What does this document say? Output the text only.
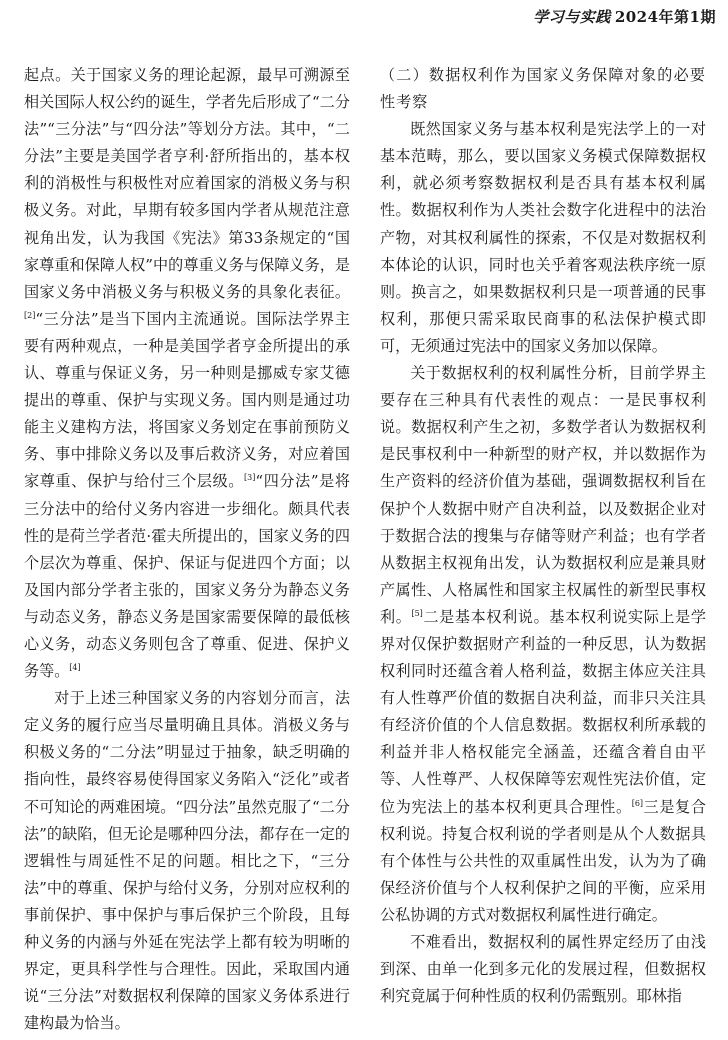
学习与实践 2024年第1期

起点。关于国家义务的理论起源，最早可溯源至相关国际人权公约的诞生，学者先后形成了“二分法”“三分法”与“四分法”等划分方法。其中，“二分法”主要是美国学者亨利·舒所指出的，基本权利的消极性与积极性对应着国家的消极义务与积极义务。对此，早期有较多国内学者从规范注意视角出发，认为我国《宪法》第33条规定的“国家尊重和保障人权”中的尊重义务与保障义务，是国家义务中消极义务与积极义务的具象化表征。[2]“三分法”是当下国内主流通说。国际法学界主要有两种观点，一种是美国学者亨金所提出的承认、尊重与保证义务，另一种则是挪威专家艾德提出的尊重、保护与实现义务。国内则是通过功能主义建构方法，将国家义务划定在事前预防义务、事中排除义务以及事后救济义务，对应着国家尊重、保护与给付三个层级。[3]“四分法”是将三分法中的给付义务内容进一步细化。颇具代表性的是荷兰学者范·霍夫所提出的，国家义务的四个层次为尊重、保护、保证与促进四个方面；以及国内部分学者主张的，国家义务分为静态义务与动态义务，静态义务是国家需要保障的最低核心义务，动态义务则包含了尊重、促进、保护义务等。[4]

对于上述三种国家义务的内容划分而言，法定义务的履行应当尽量明确且具体。消极义务与积极义务的“二分法”明显过于抽象，缺乏明确的指向性，最终容易使得国家义务陷入“泛化”或者不可知论的两难困境。“四分法”虽然克服了“二分法”的缺陷，但无论是哪种四分法，都存在一定的逻辑性与周延性不足的问题。相比之下，“三分法”中的尊重、保护与给付义务，分别对应权利的事前保护、事中保护与事后保护三个阶段，且每种义务的内涵与外延在宪法学上都有较为明晰的界定，更具科学性与合理性。因此，采取国内通说“三分法”对数据权利保障的国家义务体系进行建构最为恰当。

（二）数据权利作为国家义务保障对象的必要性考察

既然国家义务与基本权利是宪法学上的一对基本范畴，那么，要以国家义务模式保障数据权利，就必须考察数据权利是否具有基本权利属性。数据权利作为人类社会数字化进程中的法治产物，对其权利属性的探索，不仅是对数据权利本体论的认识，同时也关乎着客观法秩序统一原则。换言之，如果数据权利只是一项普通的民事权利，那便只需采取民商事的私法保护模式即可，无须通过宪法中的国家义务加以保障。

关于数据权利的权利属性分析，目前学界主要存在三种具有代表性的观点：一是民事权利说。数据权利产生之初，多数学者认为数据权利是民事权利中一种新型的财产权，并以数据作为生产资料的经济价值为基础，强调数据权利旨在保护个人数据中财产自决利益，以及数据企业对于数据合法的搜集与存储等财产利益；也有学者从数据主权视角出发，认为数据权利应是兼具财产属性、人格属性和国家主权属性的新型民事权利。[5]二是基本权利说。基本权利说实际上是学界对仅保护数据财产利益的一种反思，认为数据权利同时还蕴含着人格利益，数据主体应关注具有人性尊严价值的数据自决利益，而非只关注具有经济价值的个人信息数据。数据权利所承载的利益并非人格权能完全涵盖，还蕴含着自由平等、人性尊严、人权保障等宏观性宪法价值，定位为宪法上的基本权利更具合理性。[6]三是复合权利说。持复合权利说的学者则是从个人数据具有个体性与公共性的双重属性出发，认为为了确保经济价值与个人权利保护之间的平衡，应采用公私协调的方式对数据权利属性进行确定。

不难看出，数据权利的属性界定经历了由浅到深、由单一化到多元化的发展过程，但数据权利究竟属于何种性质的权利仍需甄别。耶林指
